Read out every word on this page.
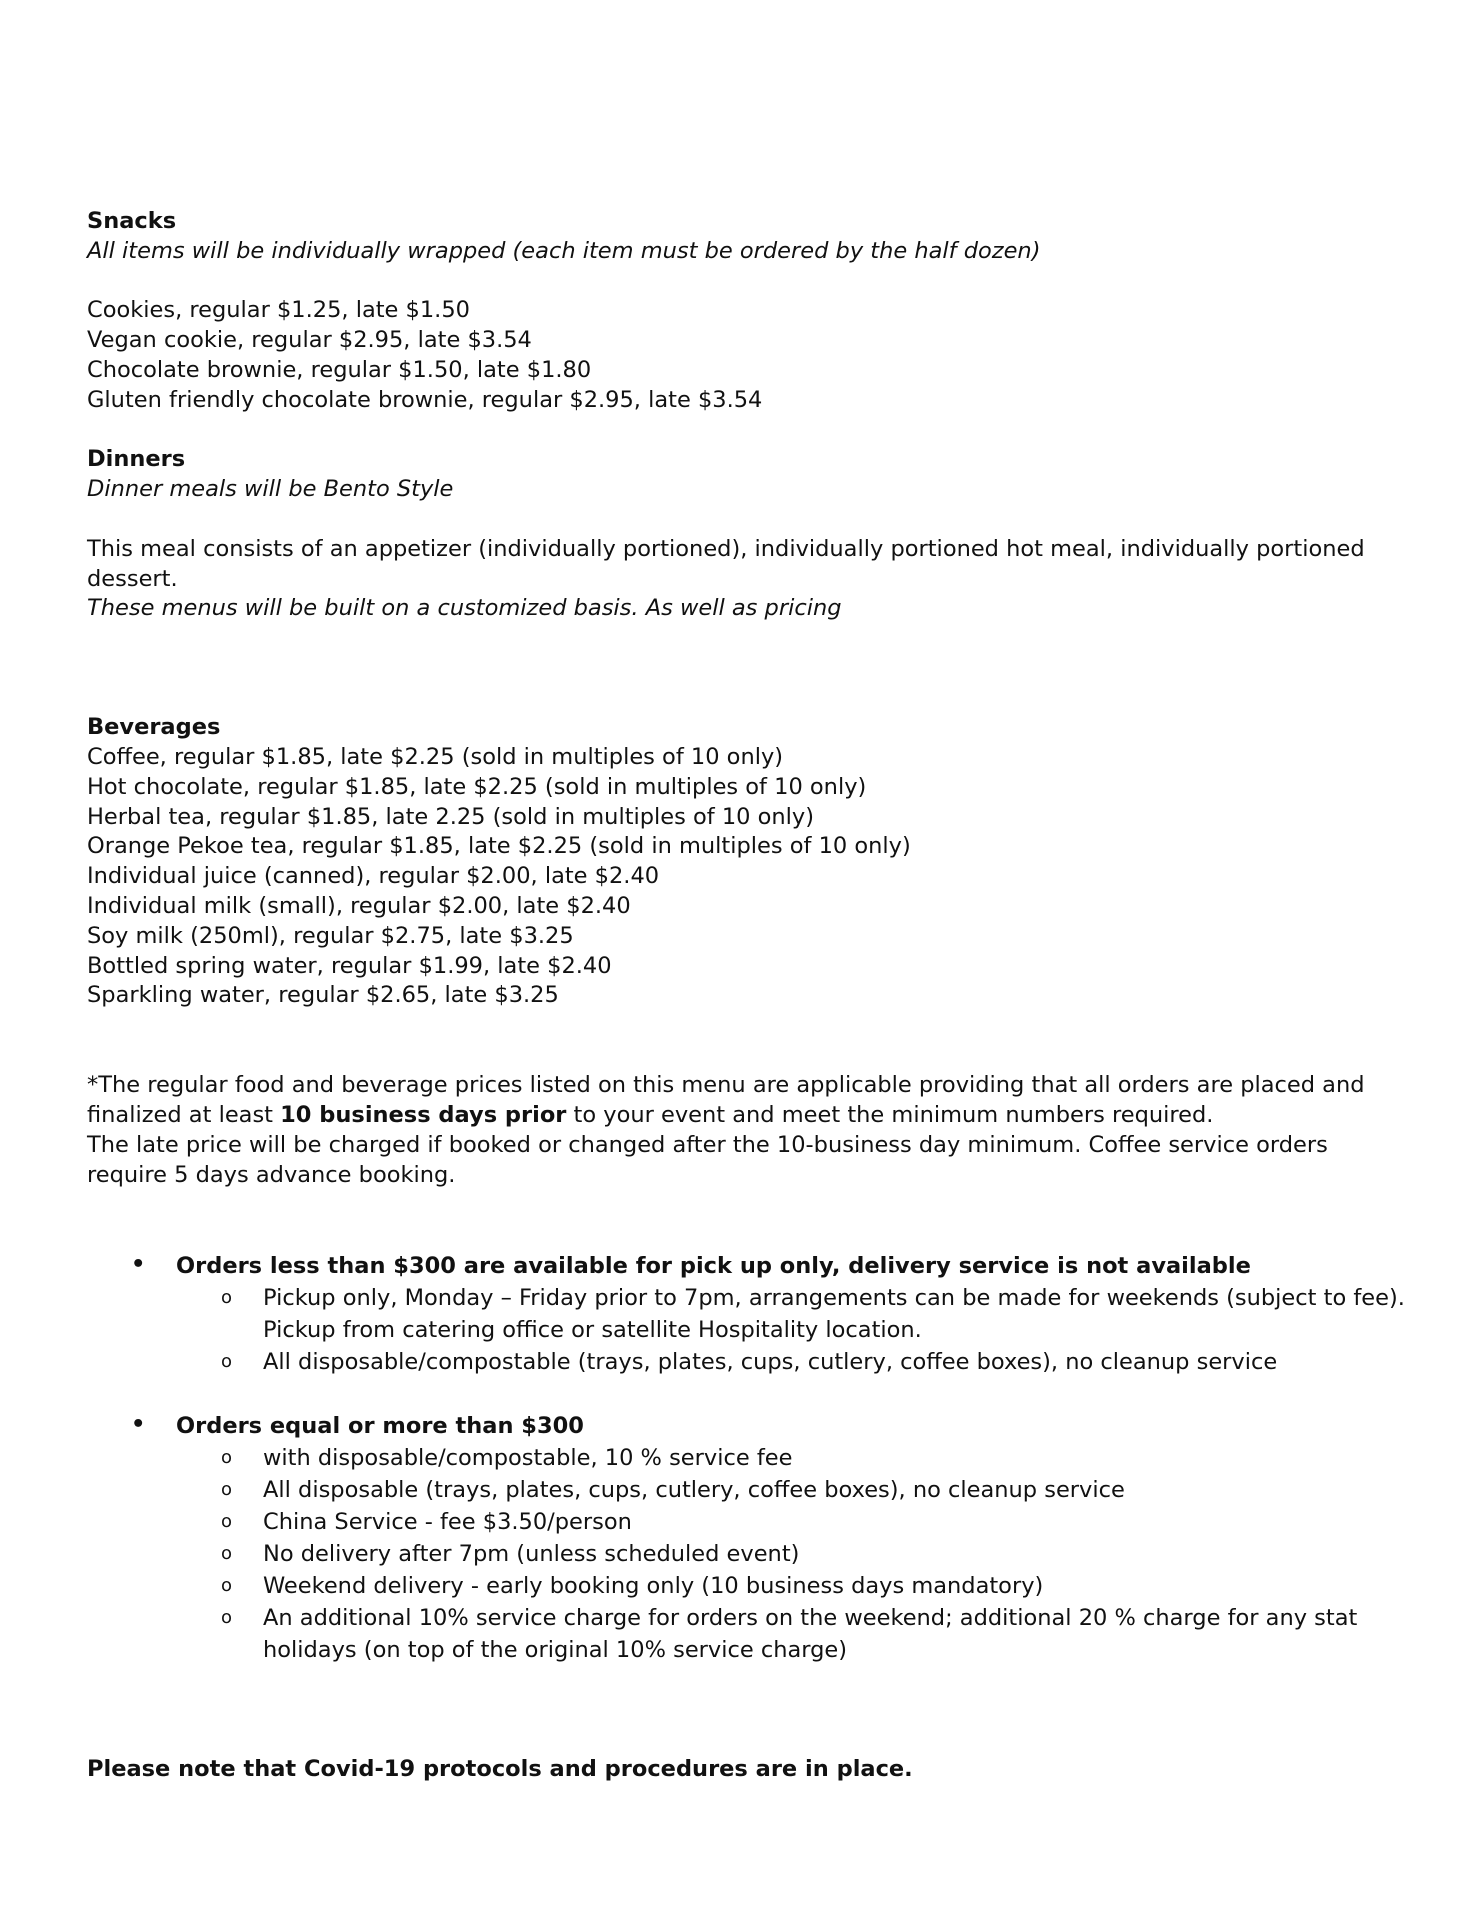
Snacks

All items will be individually wrapped (each item must be ordered by the half dozen)

Cookies, regular $1.25, late $1.50

Vegan cookie, regular $2.95, late $3.54

Chocolate brownie, regular $1.50, late $1.80

Gluten friendly chocolate brownie, regular $2.95, late $3.54

Dinners

Dinner meals will be Bento Style

This meal consists of an appetizer (individually portioned), individually portioned hot meal, individually portioned dessert.

These menus will be built on a customized basis. As well as pricing

Beverages

Coffee, regular $1.85, late $2.25 (sold in multiples of 10 only)

Hot chocolate, regular $1.85, late $2.25 (sold in multiples of 10 only)

Herbal tea, regular $1.85, late 2.25 (sold in multiples of 10 only)

Orange Pekoe tea, regular $1.85, late $2.25 (sold in multiples of 10 only)

Individual juice (canned), regular $2.00, late $2.40

Individual milk (small), regular $2.00, late $2.40

Soy milk (250ml), regular $2.75, late $3.25

Bottled spring water, regular $1.99, late $2.40

Sparkling water, regular $2.65, late $3.25

*The regular food and beverage prices listed on this menu are applicable providing that all orders are placed and finalized at least 10 business days prior to your event and meet the minimum numbers required.

The late price will be charged if booked or changed after the 10-business day minimum. Coffee service orders require 5 days advance booking.

• Orders less than $300 are available for pick up only, delivery service is not available
o Pickup only, Monday – Friday prior to 7pm, arrangements can be made for weekends (subject to fee). Pickup from catering office or satellite Hospitality location.
o All disposable/compostable (trays, plates, cups, cutlery, coffee boxes), no cleanup service
• Orders equal or more than $300
o with disposable/compostable, 10 % service fee
o All disposable (trays, plates, cups, cutlery, coffee boxes), no cleanup service
o China Service - fee $3.50/person
o No delivery after 7pm (unless scheduled event)
o Weekend delivery - early booking only (10 business days mandatory)
o An additional 10% service charge for orders on the weekend; additional 20 % charge for any stat holidays (on top of the original 10% service charge)

Please note that Covid-19 protocols and procedures are in place.
